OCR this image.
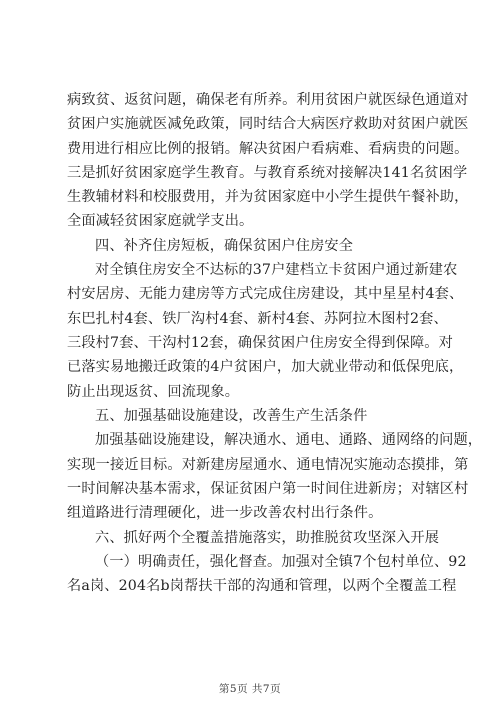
病致贫、返贫问题，确保老有所养。利用贫困户就医绿色通道对
贫困户实施就医减免政策，同时结合大病医疗救助对贫困户就医
费用进行相应比例的报销。解决贫困户看病难、看病贵的问题。
三是抓好贫困家庭学生教育。与教育系统对接解决141名贫困学
生教辅材料和校服费用，并为贫困家庭中小学生提供午餐补助，
全面减轻贫困家庭就学支出。
四、补齐住房短板，确保贫困户住房安全
对全镇住房安全不达标的37户建档立卡贫困户通过新建农
村安居房、无能力建房等方式完成住房建设，其中星星村4套、
东巴扎村4套、铁厂沟村4套、新村4套、苏阿拉木图村2套、
三段村7套、干沟村12套，确保贫困户住房安全得到保障。对
已落实易地搬迁政策的4户贫困户，加大就业带动和低保兜底，
防止出现返贫、回流现象。
五、加强基础设施建设，改善生产生活条件
加强基础设施建设，解决通水、通电、通路、通网络的问题，
实现一接近目标。对新建房屋通水、通电情况实施动态摸排，第
一时间解决基本需求，保证贫困户第一时间住进新房；对辖区村
组道路进行清理硬化，进一步改善农村出行条件。
六、抓好两个全覆盖措施落实，助推脱贫攻坚深入开展
（一）明确责任，强化督查。加强对全镇7个包村单位、92
名a岗、204名b岗帮扶干部的沟通和管理，以两个全覆盖工程
第5页 共7页
